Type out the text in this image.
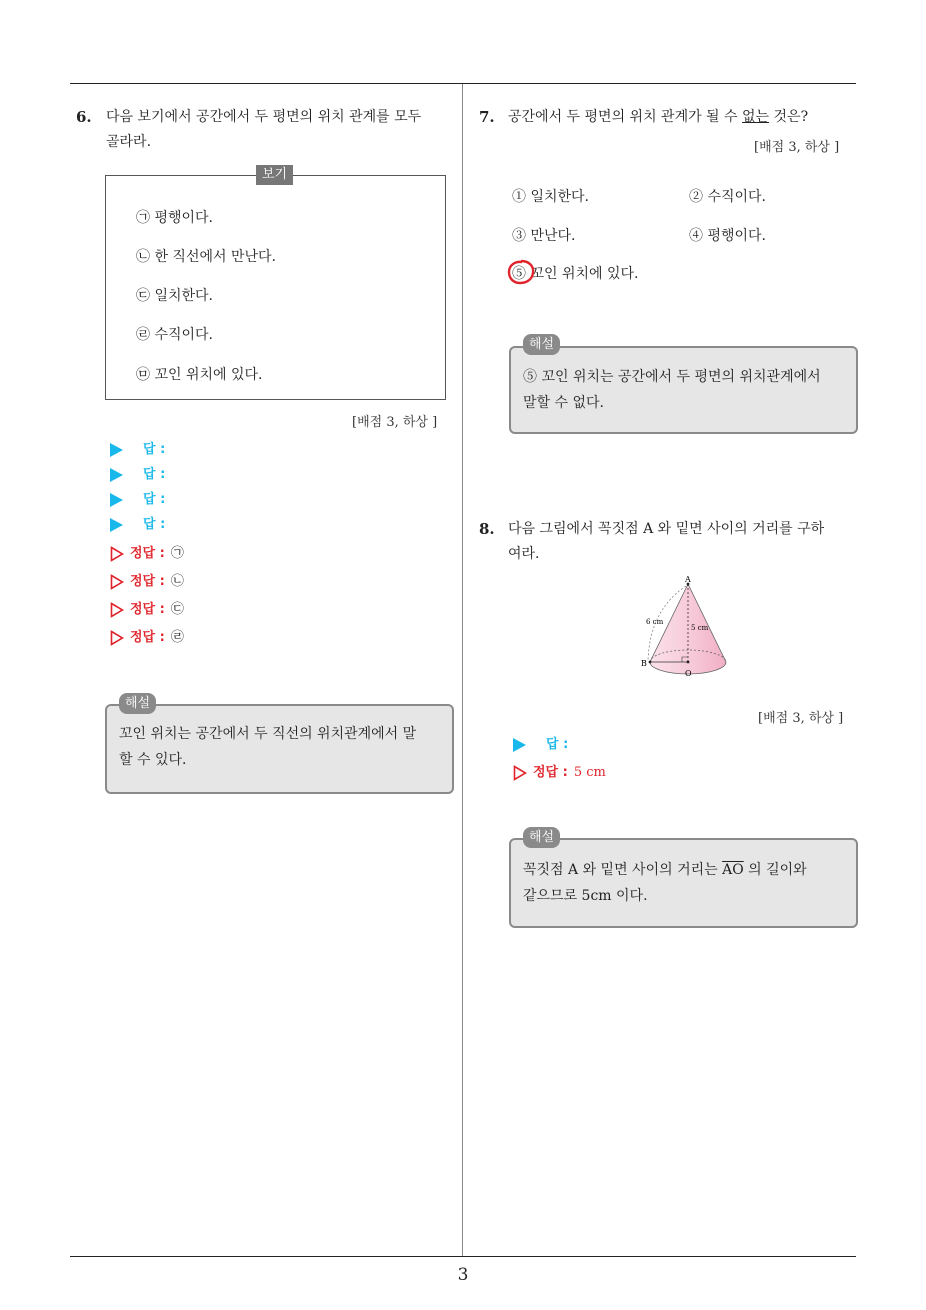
3
6. 다음 보기에서 공간에서 두 평면의 위치 관계를 모두
골라라.
보기
㉠ 평행이다.
㉡ 한 직선에서 만난다.
㉢ 일치한다.
㉣ 수직이다.
㉤ 꼬인 위치에 있다.
[배점 3, 하상 ]
답 :
답 :
답 :
답 :
정답 : ㉠
정답 : ㉡
정답 : ㉢
정답 : ㉣
해설
꼬인 위치는 공간에서 두 직선의 위치관계에서 말
할 수 있다.
7. 공간에서 두 평면의 위치 관계가 될 수 없는 것은?
[배점 3, 하상 ]
① 일치한다.	② 수직이다.
③ 만난다.	④ 평행이다.
⑤ 꼬인 위치에 있다.
해설
⑤ 꼬인 위치는 공간에서 두 평면의 위치관계에서
말할 수 없다.
8. 다음 그림에서 꼭짓점 A 와 밑면 사이의 거리를 구하
여라.
A
B
O
6 cm
5 cm
[배점 3, 하상 ]
답 :
정답 : 5 cm
해설
꼭짓점 A 와 밑면 사이의 거리는 $\overline{AO}$ 의 길이와
같으므로 5cm 이다.
